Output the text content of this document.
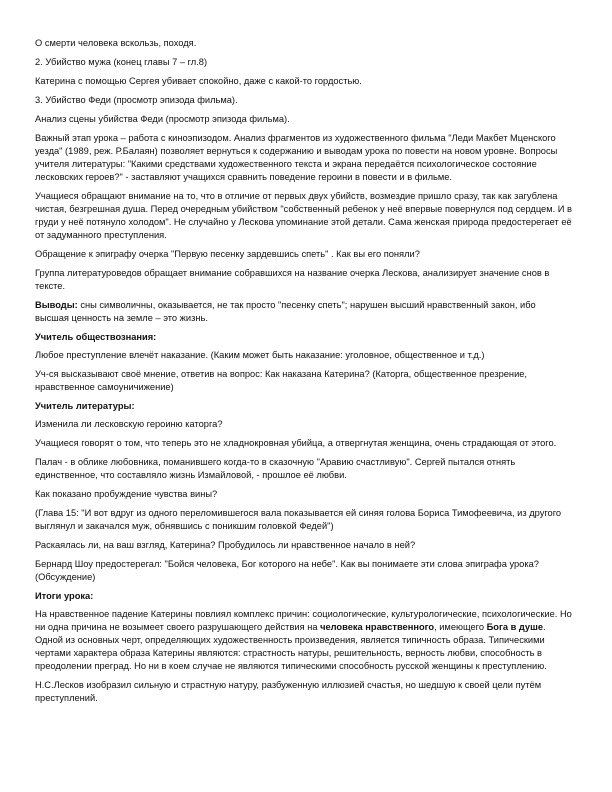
О смерти человека вскользь, походя.

2. Убийство мужа (конец главы 7 – гл.8)

Катерина с помощью Сергея убивает спокойно, даже с какой-то гордостью.

3. Убийство Феди (просмотр эпизода фильма).

Анализ сцены убийства Феди (просмотр эпизода фильма).

Важный этап урока – работа с киноэпизодом. Анализ фрагментов из художественного фильма "Леди Макбет Мценского уезда" (1989, реж. Р.Балаян) позволяет вернуться к содержанию и выводам урока по повести на новом уровне. Вопросы учителя литературы: "Какими средствами художественного текста и экрана передаётся психологическое состояние лесковских героев?" - заставляют учащихся сравнить поведение героини в повести и в фильме.

Учащиеся обращают внимание на то, что в отличие от первых двух убийств, возмездие пришло сразу, так как загублена чистая, безгрешная душа. Перед очередным убийством "собственный ребенок у неё впервые повернулся под сердцем. И в груди у неё потянуло холодом". Не случайно у Лескова упоминание этой детали. Сама женская природа предостерегает её от задуманного преступления.

Обращение к эпиграфу очерка "Первую песенку зардевшись спеть" . Как вы его поняли?

Группа литературоведов обращает внимание собравшихся на название очерка Лескова, анализирует значение снов в тексте.

Выводы: сны символичны, оказывается, не так просто "песенку спеть"; нарушен высший нравственный закон, ибо высшая ценность на земле – это жизнь.

Учитель обществознания:

Любое преступление влечёт наказание. (Каким может быть наказание: уголовное, общественное и т.д.)

Уч-ся высказывают своё мнение, ответив на вопрос: Как наказана Катерина? (Каторга, общественное презрение, нравственное самоуничижение)

Учитель литературы:

Изменила ли лесковскую героиню каторга?

Учащиеся говорят о том, что теперь это не хладнокровная убийца, а отвергнутая женщина, очень страдающая от этого.

Палач - в облике любовника, поманившего когда-то в сказочную "Аравию счастливую". Сергей пытался отнять единственное, что составляло жизнь Измайловой, - прошлое её любви.

Как показано пробуждение чувства вины?

(Глава 15: "И вот вдруг из одного переломившегося вала показывается ей синяя голова Бориса Тимофеевича, из другого выглянул и закачался муж, обнявшись с поникшим головкой Федей")

Раскаялась ли, на ваш взгляд, Катерина? Пробудилось ли нравственное начало в ней?

Бернард Шоу предостерегал: "Бойся человека, Бог которого на небе". Как вы понимаете эти слова эпиграфа урока? (Обсуждение)

Итоги урока:

На нравственное падение Катерины повлиял комплекс причин: социологические, культурологические, психологические. Но ни одна причина не возымеет своего разрушающего действия на человека нравственного, имеющего Бога в душе. Одной из основных черт, определяющих художественность произведения, является типичность образа. Типическими чертами характера образа Катерины являются: страстность натуры, решительность, верность любви, способность в преодолении преград. Но ни в коем случае не являются типическими способность русской женщины к преступлению.

Н.С.Лесков изобразил сильную и страстную натуру, разбуженную иллюзией счастья, но шедшую к своей цели путём преступлений.
